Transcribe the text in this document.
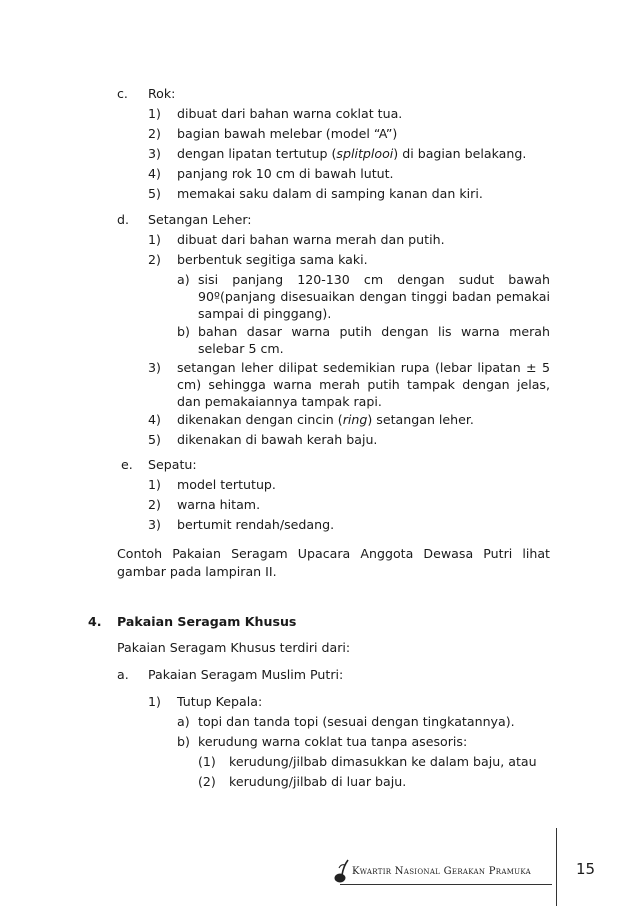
c. Rok:
1) dibuat dari bahan warna coklat tua.
2) bagian bawah melebar (model “A”)
3) dengan lipatan tertutup (splitplooi) di bagian belakang.
4) panjang rok 10 cm di bawah lutut.
5) memakai saku dalam di samping kanan dan kiri.
d. Setangan Leher:
1) dibuat dari bahan warna merah dan putih.
2) berbentuk segitiga sama kaki.
a) sisi panjang 120-130 cm dengan sudut bawah
90º(panjang disesuaikan dengan tinggi badan pemakai
sampai di pinggang).
b) bahan dasar warna putih dengan lis warna merah
selebar 5 cm.
3) setangan leher dilipat sedemikian rupa (lebar lipatan ± 5
cm) sehingga warna merah putih tampak dengan jelas,
dan pemakaiannya tampak rapi.
4) dikenakan dengan cincin (ring) setangan leher.
5) dikenakan di bawah kerah baju.
e. Sepatu:
1) model tertutup.
2) warna hitam.
3) bertumit rendah/sedang.
Contoh Pakaian Seragam Upacara Anggota Dewasa Putri lihat
gambar pada lampiran II.
4. Pakaian Seragam Khusus
Pakaian Seragam Khusus terdiri dari:
a. Pakaian Seragam Muslim Putri:
1) Tutup Kepala:
a) topi dan tanda topi (sesuai dengan tingkatannya).
b) kerudung warna coklat tua tanpa asesoris:
(1) kerudung/jilbab dimasukkan ke dalam baju, atau
(2) kerudung/jilbab di luar baju.
Kwartir Nasional Gerakan Pramuka	15
